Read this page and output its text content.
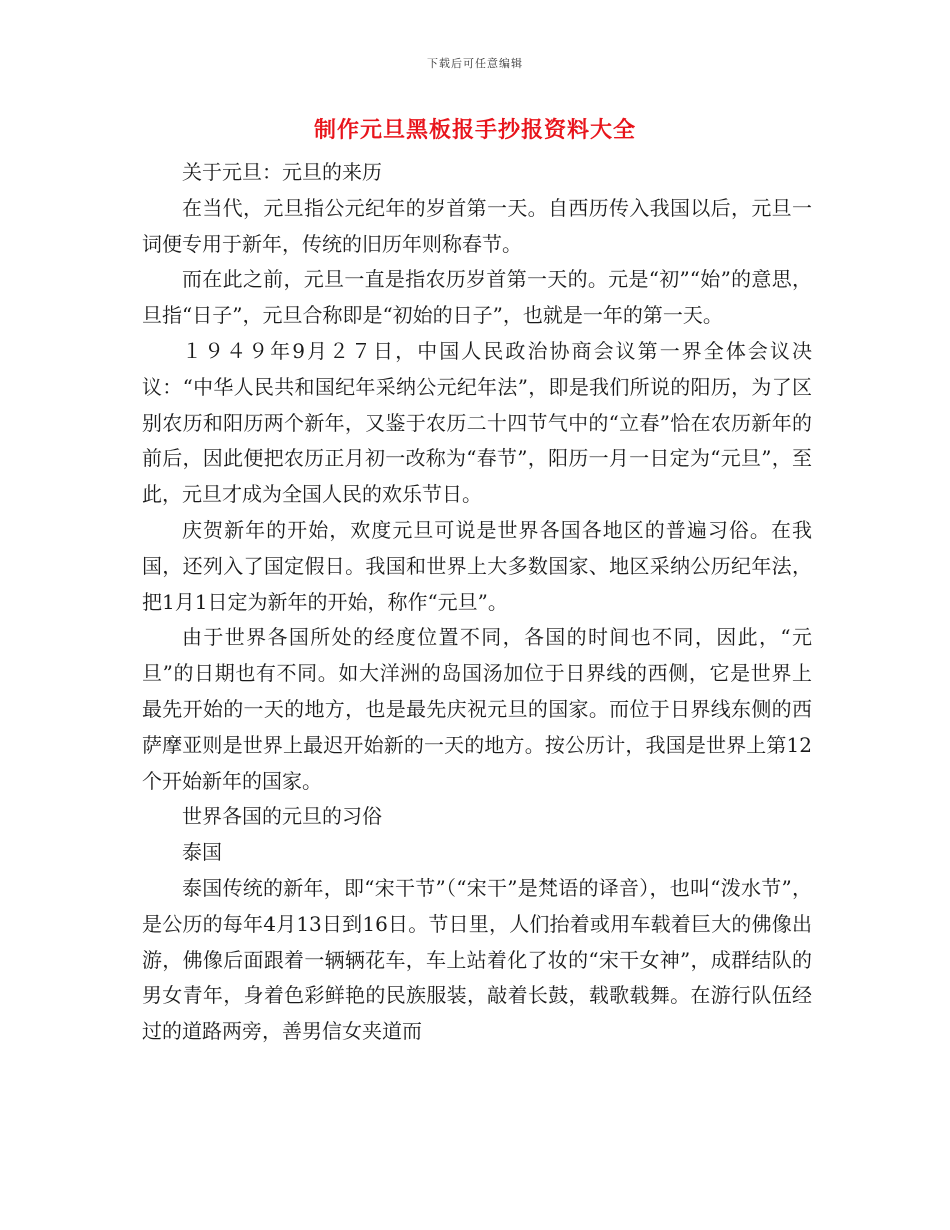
下载后可任意编辑
制作元旦黑板报手抄报资料大全

关于元旦：元旦的来历

在当代，元旦指公元纪年的岁首第一天。自西历传入我国以后，元旦一词便专用于新年，传统的旧历年则称春节。

而在此之前，元旦一直是指农历岁首第一天的。元是“初”“始”的意思，旦指“日子”，元旦合称即是“初始的日子”，也就是一年的第一天。

１９４９年9月２７日，中国人民政治协商会议第一界全体会议决议：“中华人民共和国纪年采纳公元纪年法”，即是我们所说的阳历，为了区别农历和阳历两个新年，又鉴于农历二十四节气中的“立春”恰在农历新年的前后，因此便把农历正月初一改称为“春节”，阳历一月一日定为“元旦”，至此，元旦才成为全国人民的欢乐节日。

庆贺新年的开始，欢度元旦可说是世界各国各地区的普遍习俗。在我国，还列入了国定假日。我国和世界上大多数国家、地区采纳公历纪年法，把1月1日定为新年的开始，称作“元旦”。

由于世界各国所处的经度位置不同，各国的时间也不同，因此，“元旦”的日期也有不同。如大洋洲的岛国汤加位于日界线的西侧，它是世界上最先开始的一天的地方，也是最先庆祝元旦的国家。而位于日界线东侧的西萨摩亚则是世界上最迟开始新的一天的地方。按公历计，我国是世界上第12个开始新年的国家。

世界各国的元旦的习俗

泰国

泰国传统的新年，即“宋干节”（“宋干”是梵语的译音），也叫“泼水节”，是公历的每年4月13日到16日。节日里，人们抬着或用车载着巨大的佛像出游，佛像后面跟着一辆辆花车，车上站着化了妆的“宋干女神”，成群结队的男女青年，身着色彩鲜艳的民族服装，敲着长鼓，载歌载舞。在游行队伍经过的道路两旁，善男信女夹道而
